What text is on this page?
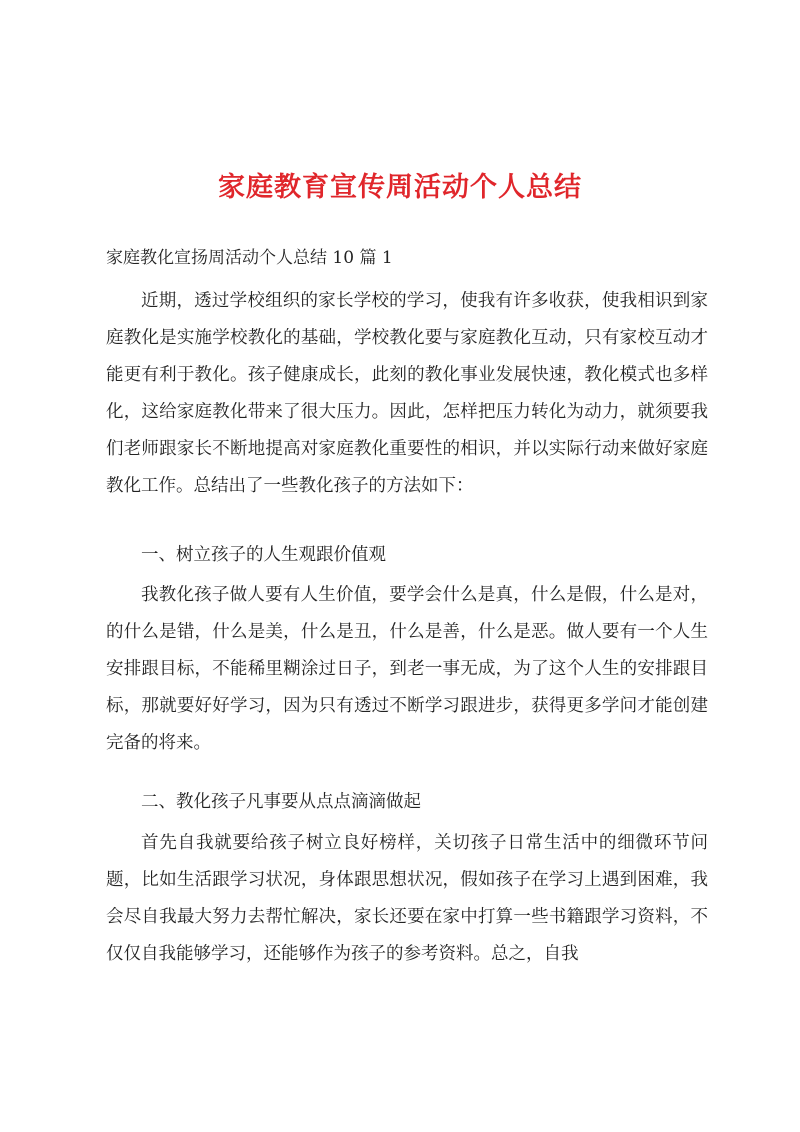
家庭教育宣传周活动个人总结
家庭教化宣扬周活动个人总结 10 篇 1

近期，透过学校组织的家长学校的学习，使我有许多收获，使我相识到家庭教化是实施学校教化的基础，学校教化要与家庭教化互动，只有家校互动才能更有利于教化。孩子健康成长，此刻的教化事业发展快速，教化模式也多样化，这给家庭教化带来了很大压力。因此，怎样把压力转化为动力，就须要我们老师跟家长不断地提高对家庭教化重要性的相识，并以实际行动来做好家庭教化工作。总结出了一些教化孩子的方法如下：

一、树立孩子的人生观跟价值观

我教化孩子做人要有人生价值，要学会什么是真，什么是假，什么是对，的什么是错，什么是美，什么是丑，什么是善，什么是恶。做人要有一个人生安排跟目标，不能稀里糊涂过日子，到老一事无成，为了这个人生的安排跟目标，那就要好好学习，因为只有透过不断学习跟进步，获得更多学问才能创建完备的将来。

二、教化孩子凡事要从点点滴滴做起

首先自我就要给孩子树立良好榜样，关切孩子日常生活中的细微环节问题，比如生活跟学习状况，身体跟思想状况，假如孩子在学习上遇到困难，我会尽自我最大努力去帮忙解决，家长还要在家中打算一些书籍跟学习资料，不仅仅自我能够学习，还能够作为孩子的参考资料。总之，自我
